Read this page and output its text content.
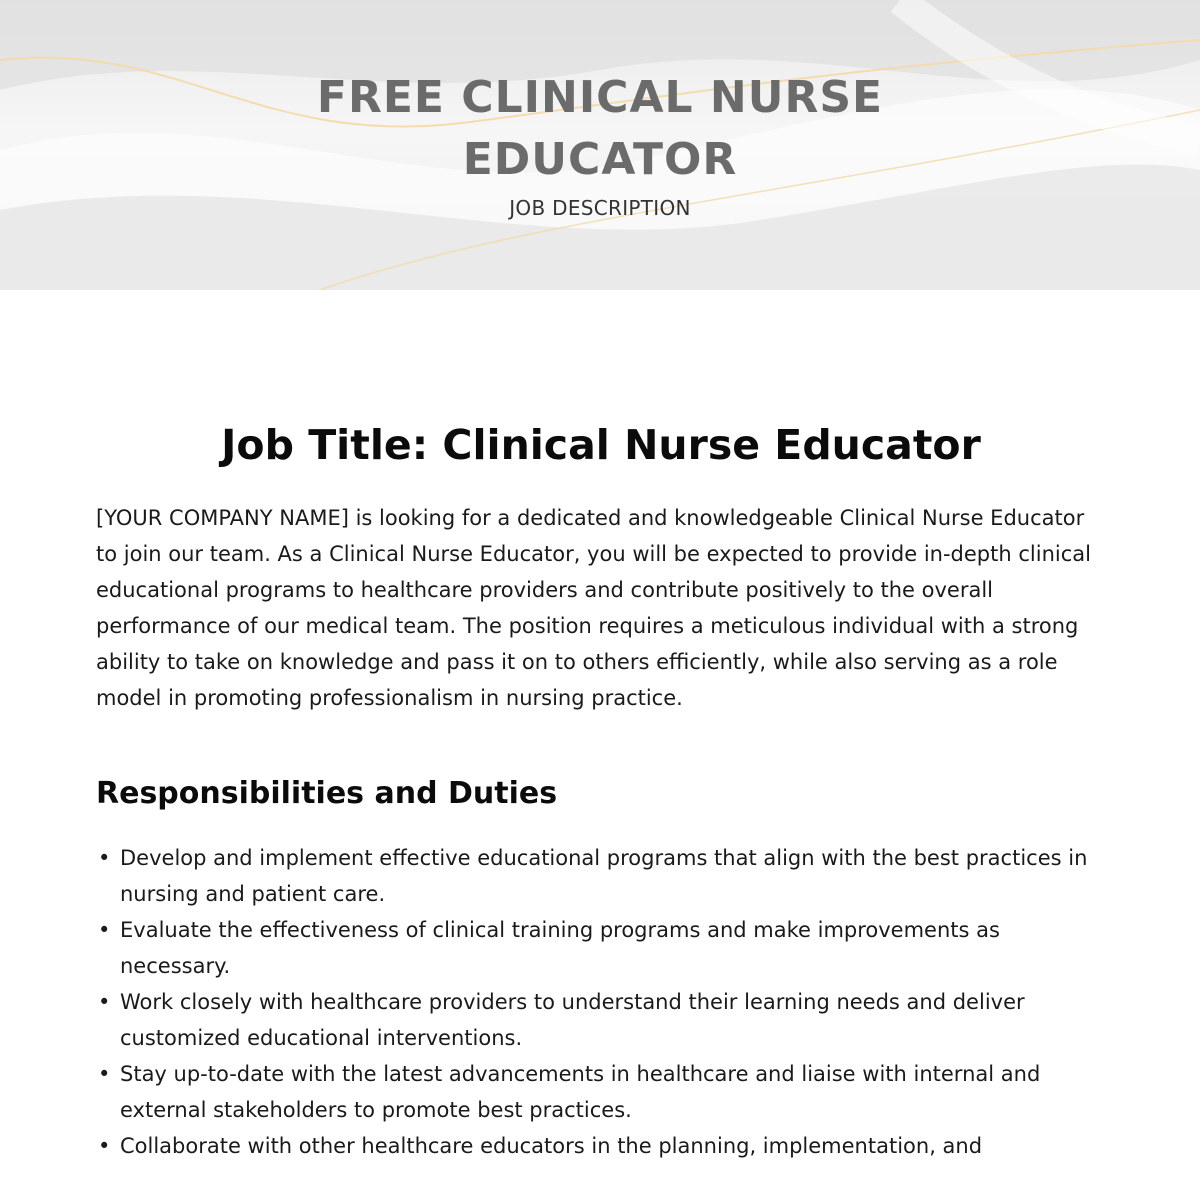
FREE CLINICAL NURSE
EDUCATOR
JOB DESCRIPTION
Job Title: Clinical Nurse Educator

[YOUR COMPANY NAME] is looking for a dedicated and knowledgeable Clinical Nurse Educator to join our team. As a Clinical Nurse Educator, you will be expected to provide in-depth clinical educational programs to healthcare providers and contribute positively to the overall performance of our medical team. The position requires a meticulous individual with a strong ability to take on knowledge and pass it on to others efficiently, while also serving as a role model in promoting professionalism in nursing practice.

Responsibilities and Duties
• Develop and implement effective educational programs that align with the best practices in nursing and patient care.
• Evaluate the effectiveness of clinical training programs and make improvements as necessary.
• Work closely with healthcare providers to understand their learning needs and deliver customized educational interventions.
• Stay up-to-date with the latest advancements in healthcare and liaise with internal and external stakeholders to promote best practices.
• Collaborate with other healthcare educators in the planning, implementation, and
